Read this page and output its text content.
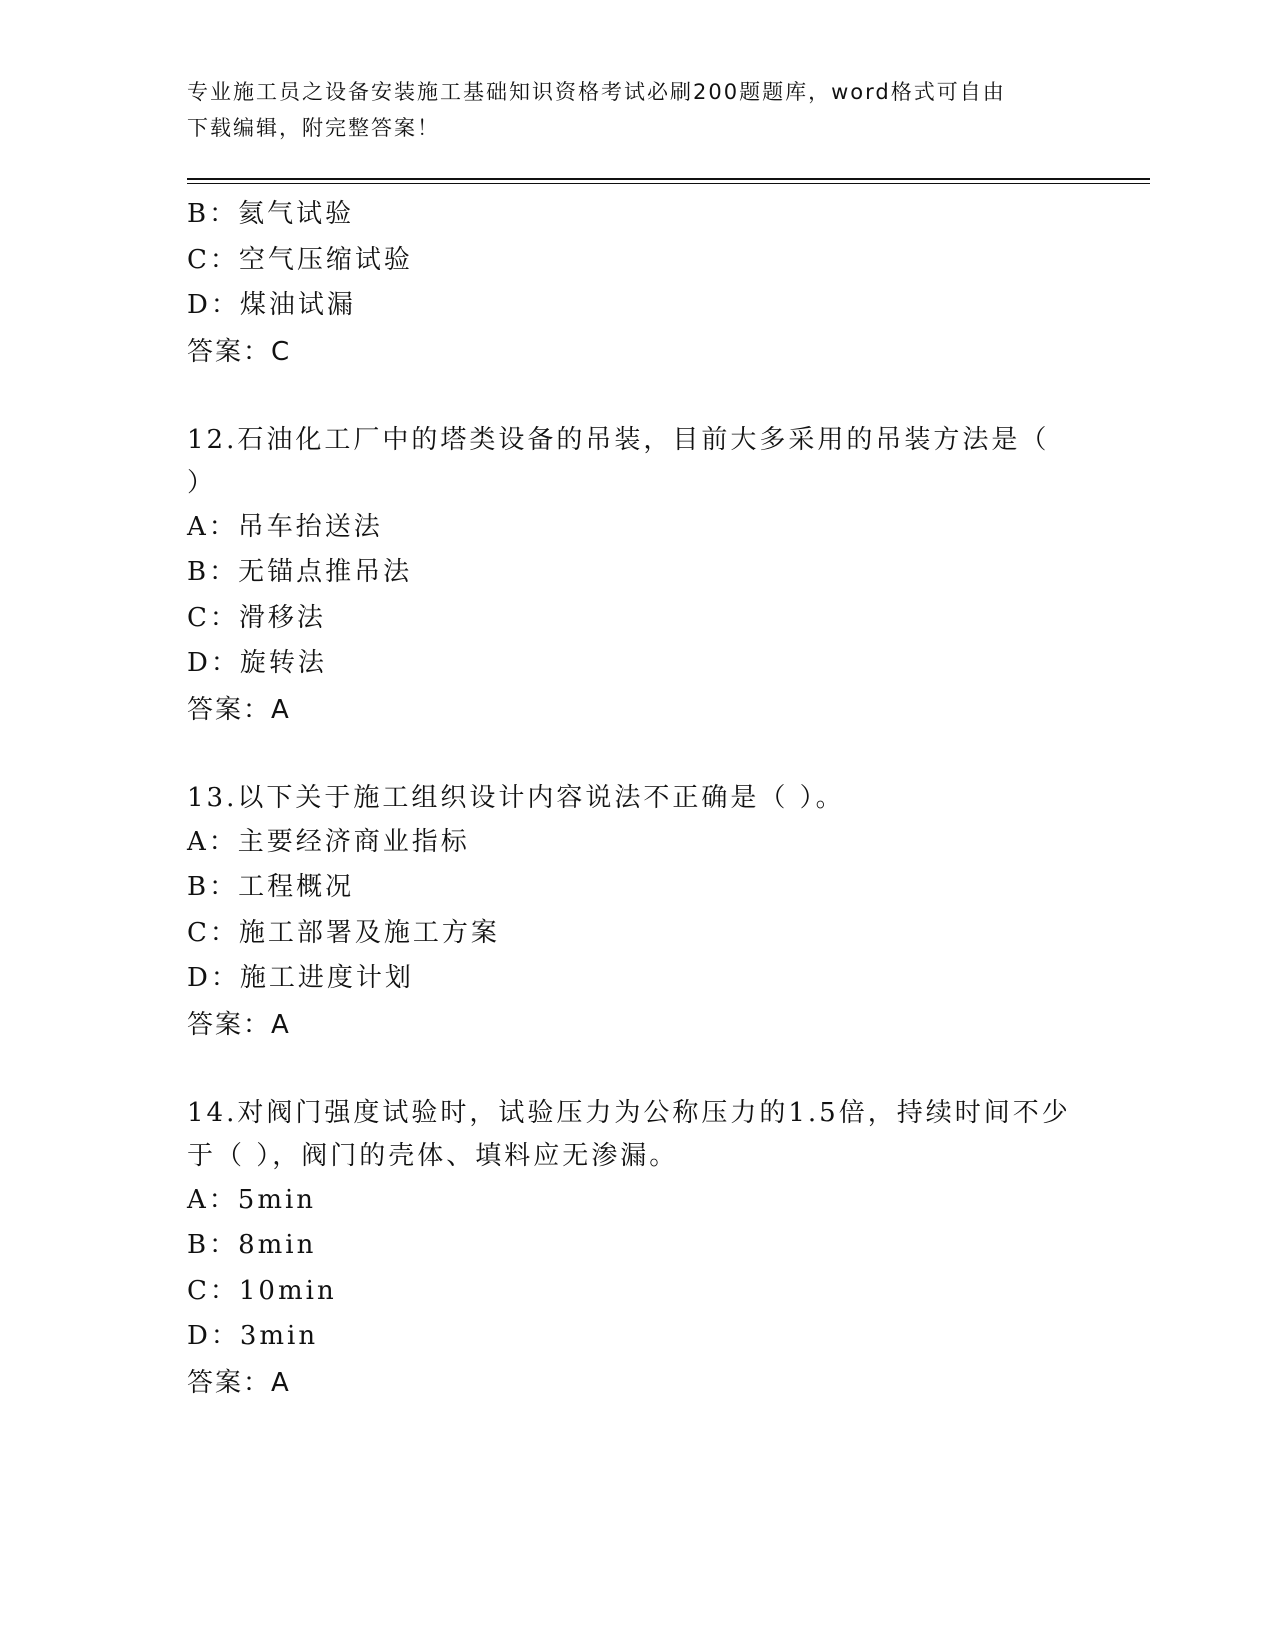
专业施工员之设备安装施工基础知识资格考试必刷200题题库，word格式可自由
下载编辑，附完整答案！
B：氦气试验
C：空气压缩试验
D：煤油试漏
答案：C
12.石油化工厂中的塔类设备的吊装，目前大多采用的吊装方法是（
）
A：吊车抬送法
B：无锚点推吊法
C：滑移法
D：旋转法
答案：A
13.以下关于施工组织设计内容说法不正确是（ ）。
A：主要经济商业指标
B：工程概况
C：施工部署及施工方案
D：施工进度计划
答案：A
14.对阀门强度试验时，试验压力为公称压力的1.5倍，持续时间不少
于（ ），阀门的壳体、填料应无渗漏。
A：5min
B：8min
C：10min
D：3min
答案：A
